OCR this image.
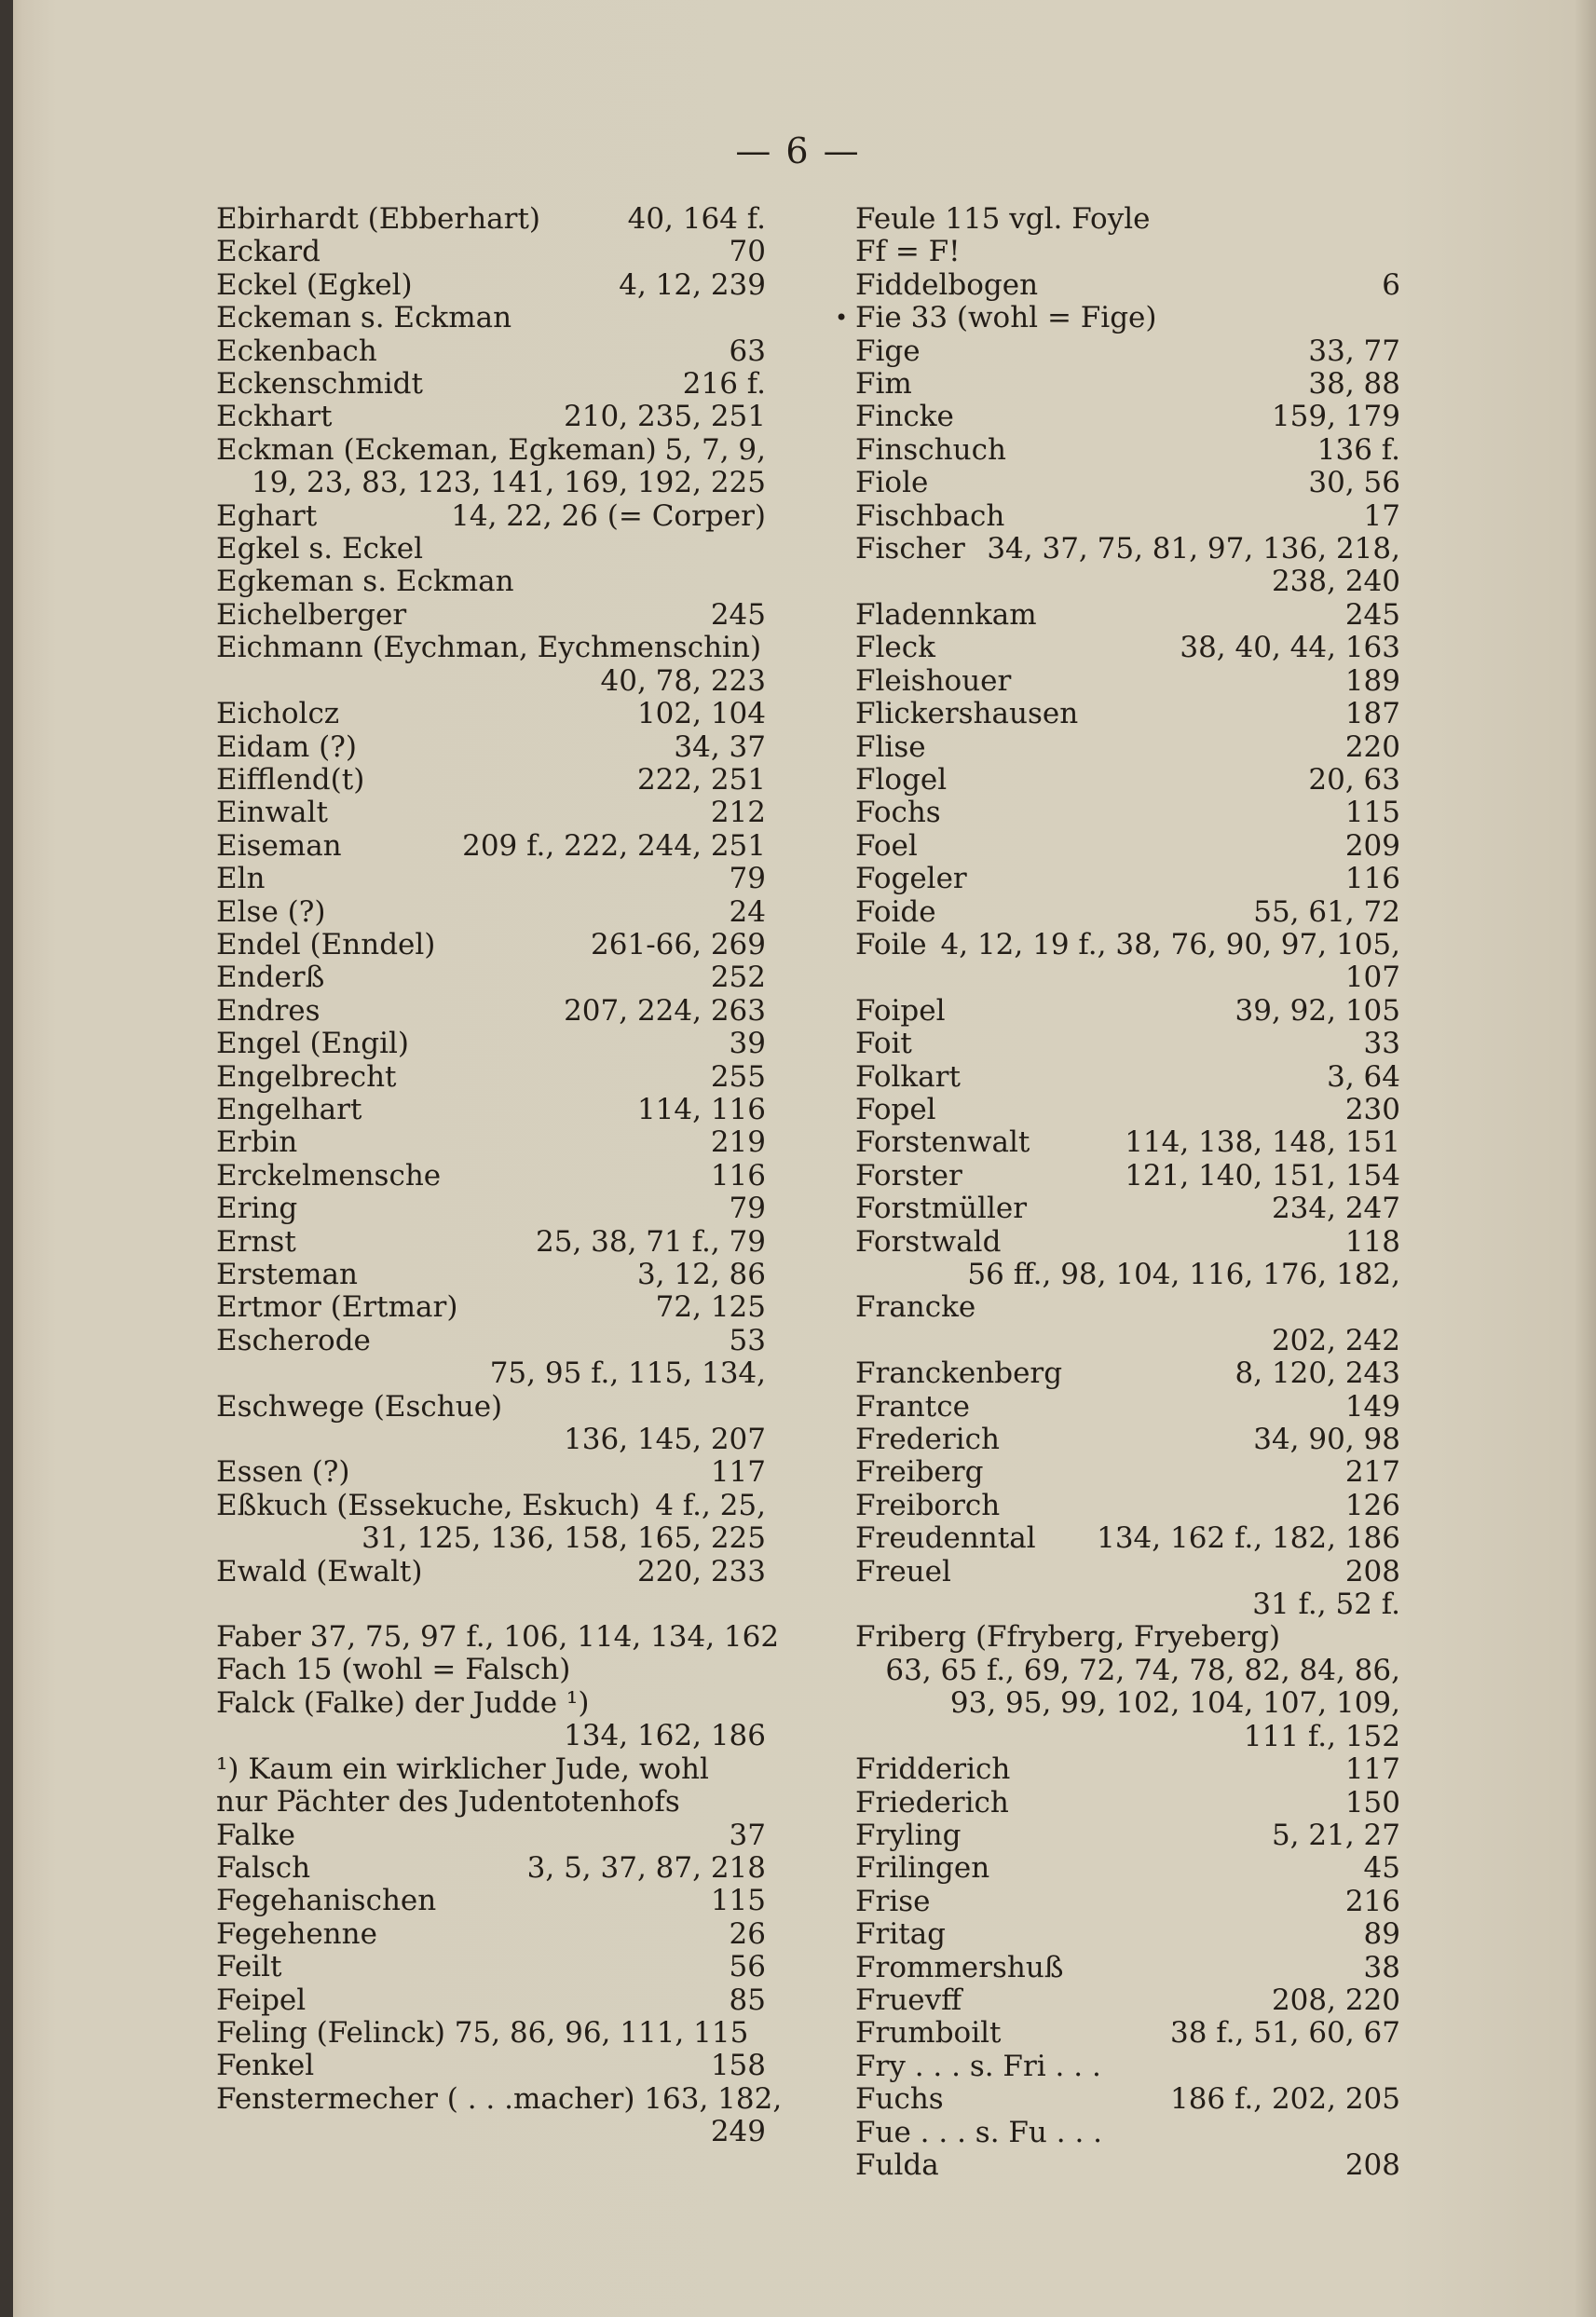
— 6 —
40, 164 f.
Ebirhardt (Ebberhart)
70
Eckard
4, 12, 239
Eckel (Egkel)
Eckeman s. Eckman
63
Eckenbach
216 f.
Eckenschmidt
210, 235, 251
Eckhart
5, 7, 9,
Eckman (Eckeman, Egkeman)
19, 23, 83, 123, 141, 169, 192, 225
14, 22, 26 (= Corper)
Eghart
Egkel s. Eckel
Egkeman s. Eckman
245
Eichelberger
Eichmann (Eychman, Eychmenschin)
40, 78, 223
102, 104
Eicholcz
34, 37
Eidam (?)
222, 251
Eifflend(t)
212
Einwalt
209 f., 222, 244, 251
Eiseman
79
Eln
24
Else (?)
261-66, 269
Endel (Enndel)
252
Enderß
207, 224, 263
Endres
39
Engel (Engil)
255
Engelbrecht
114, 116
Engelhart
219
Erbin
116
Erckelmensche
79
Ering
25, 38, 71 f., 79
Ernst
3, 12, 86
Ersteman
72, 125
Ertmor (Ertmar)
53
Escherode
75, 95 f., 115, 134,
Eschwege (Eschue)
136, 145, 207
117
Essen (?)
4 f., 25,
Eßkuch (Essekuche, Eskuch)
31, 125, 136, 158, 165, 225
220, 233
Ewald (Ewalt)
Faber 37, 75, 97 f., 106, 114, 134, 162
Fach 15 (wohl = Falsch)
Falck (Falke) der Judde ¹)
134, 162, 186
¹) Kaum ein wirklicher Jude, wohl nur Pächter des Judentotenhofs
37
Falke
3, 5, 37, 87, 218
Falsch
115
Fegehanischen
26
Fegehenne
56
Feilt
85
Feipel
Feling (Felinck) 75, 86, 96, 111, 115
158
Fenkel
Fenstermecher ( . . .macher) 163, 182,
249
Feule 115 vgl. Foyle
Ff = F!
6
Fiddelbogen
• Fie 33 (wohl = Fige)
33, 77
Fige
38, 88
Fim
159, 179
Fincke
136 f.
Finschuch
30, 56
Fiole
17
Fischbach
34, 37, 75, 81, 97, 136, 218,
Fischer
238, 240
245
Fladennkam
38, 40, 44, 163
Fleck
189
Fleishouer
187
Flickershausen
220
Flise
20, 63
Flogel
115
Fochs
209
Foel
116
Fogeler
55, 61, 72
Foide
4, 12, 19 f., 38, 76, 90, 97, 105,
Foile
107
39, 92, 105
Foipel
33
Foit
3, 64
Folkart
230
Fopel
114, 138, 148, 151
Forstenwalt
121, 140, 151, 154
Forster
234, 247
Forstmüller
118
Forstwald
56 ff., 98, 104, 116, 176, 182,
Francke
202, 242
8, 120, 243
Franckenberg
149
Frantce
34, 90, 98
Frederich
217
Freiberg
126
Freiborch
134, 162 f., 182, 186
Freudenntal
208
Freuel
31 f., 52 f.
Friberg (Ffryberg, Fryeberg)
63, 65 f., 69, 72, 74, 78, 82, 84, 86,
93, 95, 99, 102, 104, 107, 109,
111 f., 152
117
Fridderich
150
Friederich
5, 21, 27
Fryling
45
Frilingen
216
Frise
89
Fritag
38
Frommershuß
208, 220
Fruevff
38 f., 51, 60, 67
Frumboilt
Fry . . . s. Fri . . .
186 f., 202, 205
Fuchs
Fue . . . s. Fu . . .
208
Fulda
